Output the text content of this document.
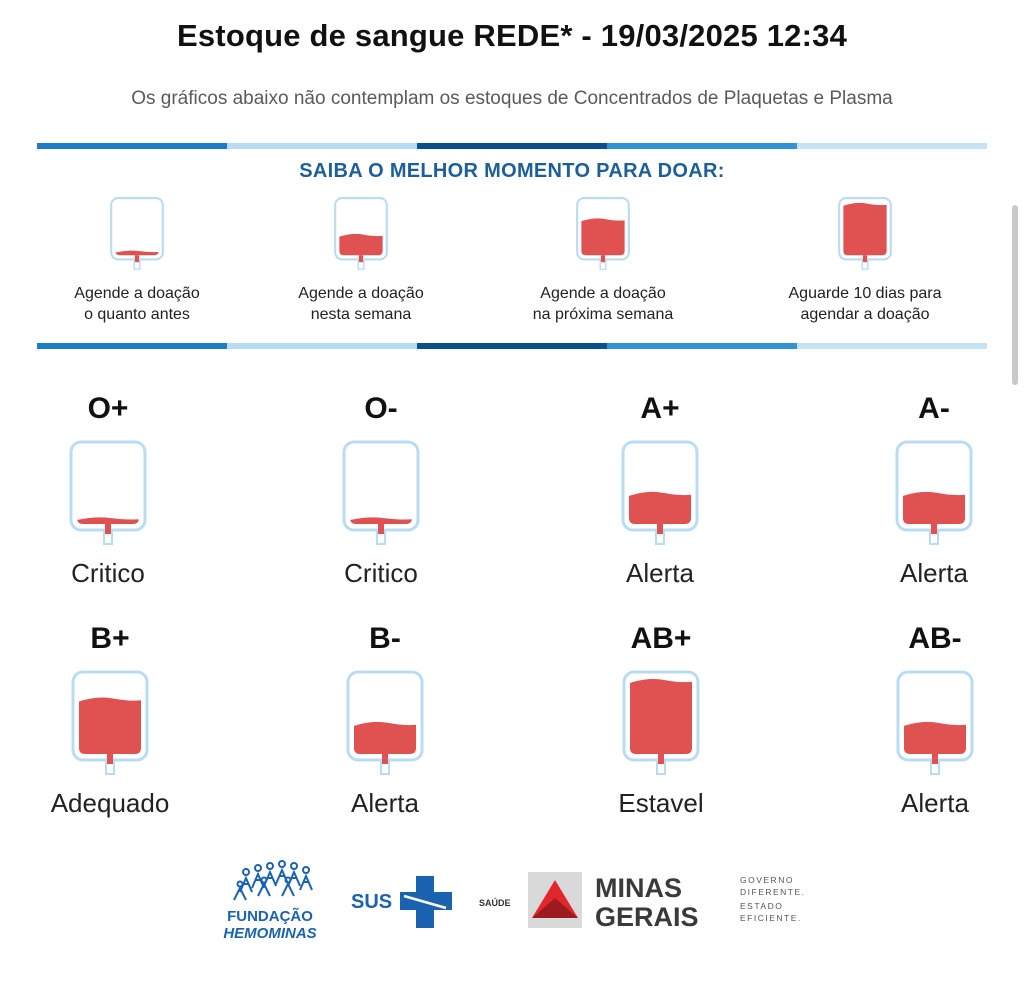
Estoque de sangue REDE* - 19/03/2025 12:34
Os gráficos abaixo não contemplam os estoques de Concentrados de Plaquetas e Plasma
SAIBA O MELHOR MOMENTO PARA DOAR:
Agende a doação
o quanto antes
Agende a doação
nesta semana
Agende a doação
na próxima semana
Aguarde 10 dias para
agendar a doação
O+
Critico
O-
Critico
A+
Alerta
A-
Alerta
B+
Adequado
B-
Alerta
AB+
Estavel
AB-
Alerta
FUNDAÇÃO
HEMOMINAS
SUS	SAÚDE	MINAS
GERAIS
GOVERNO
DIFERENTE.
ESTADO
EFICIENTE.
